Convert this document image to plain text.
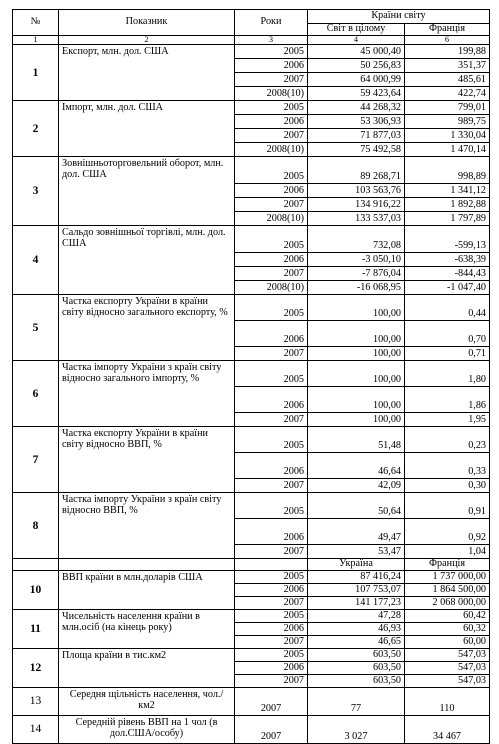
№	Показник	Роки	Країни світу	
			Світ в цілому	Франція
1	2	3	4	6
1	Експорт, млн. дол. США	2005	45 000,40	199,88
		2006	50 256,83	351,37
		2007	64 000,99	485,61
		2008(10)	59 423,64	422,74
2	Імпорт, млн. дол. США	2005	44 268,32	799,01
		2006	53 306,93	989,75
		2007	71 877,03	1 330,04
		2008(10)	75 492,58	1 470,14
3	Зовнішньоторговельний оборот, млн. дол. США	2005	89 268,71	998,89
		2006	103 563,76	1 341,12
		2007	134 916,22	1 892,88
		2008(10)	133 537,03	1 797,89
4	Сальдо зовнішньої торгівлі, млн. дол. США	2005	732,08	-599,13
		2006	-3 050,10	-638,39
		2007	-7 876,04	-844,43
		2008(10)	-16 068,95	-1 047,40
5	Частка експорту України в країни світу відносно загального експорту, %	2005	100,00	0,44
		2006	100,00	0,70
		2007	100,00	0,71
6	Частка імпорту України з країн світу відносно загального імпорту, %	2005	100,00	1,80
		2006	100,00	1,86
		2007	100,00	1,95
7	Частка експорту України в країни світу відносно ВВП, %	2005	51,48	0,23
		2006	46,64	0,33
		2007	42,09	0,30
8	Частка імпорту України з країн світу відносно ВВП, %	2005	50,64	0,91
		2006	49,47	0,92
		2007	53,47	1,04
			Україна	Франція
10	ВВП країни в млн.доларів США	2005	87 416,24	1 737 000,00
		2006	107 753,07	1 864 500,00
		2007	141 177,23	2 068 000,00
11	Чисельність населення країни в млн.осіб (на кінець року)	2005	47,28	60,42
		2006	46,93	60,32
		2007	46,65	60,00
12	Площа країни в тис.км2	2005	603,50	547,03
		2006	603,50	547,03
		2007	603,50	547,03
13	Середня щільність населення, чол./км2	2007	77	110
14	Середній рівень ВВП на 1 чол (в дол.США/особу)	2007	3 027	34 467
